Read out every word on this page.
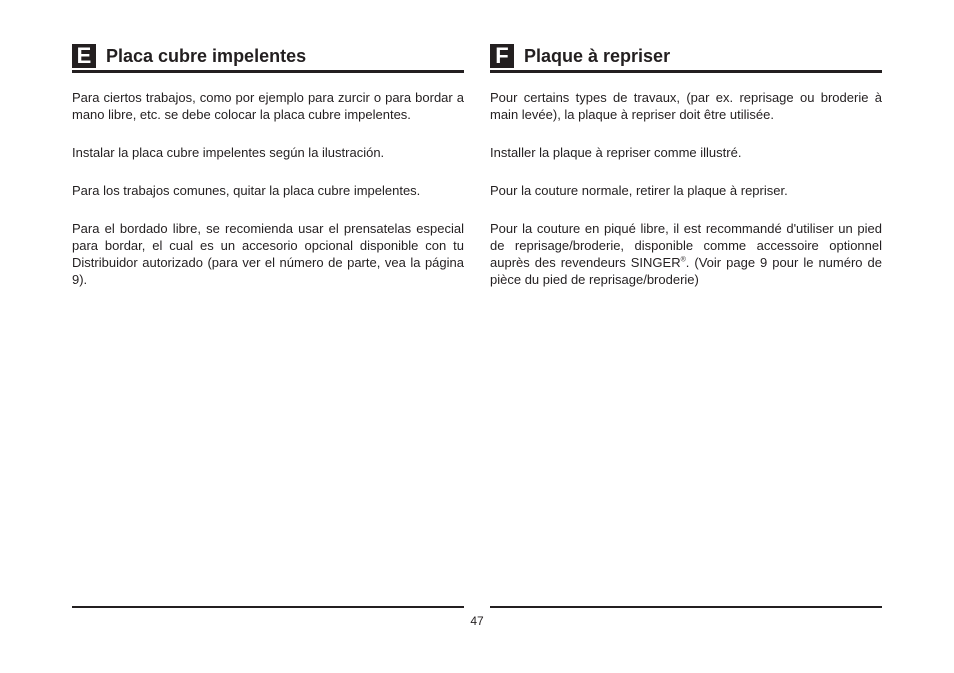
E Placa cubre impelentes

Para ciertos trabajos, como por ejemplo para zurcir o para bordar a mano libre, etc. se debe colocar la placa cubre impelentes.

Instalar la placa cubre impelentes según la ilustración.

Para los trabajos comunes, quitar la placa cubre impelentes.

Para el bordado libre, se recomienda usar el prensatelas especial para bordar, el cual es un accesorio opcional disponible con tu Distribuidor autorizado (para ver el número de parte, vea la página 9).

F Plaque à repriser

Pour certains types de travaux, (par ex. reprisage ou broderie à main levée), la plaque à repriser doit être utilisée.

Installer la plaque à repriser comme illustré.

Pour la couture normale, retirer la plaque à repriser.

Pour la couture en piqué libre, il est recommandé d'utiliser un pied de reprisage/broderie, disponible comme accessoire optionnel auprès des revendeurs SINGER®. (Voir page 9 pour le numéro de pièce du pied de reprisage/broderie)

47
